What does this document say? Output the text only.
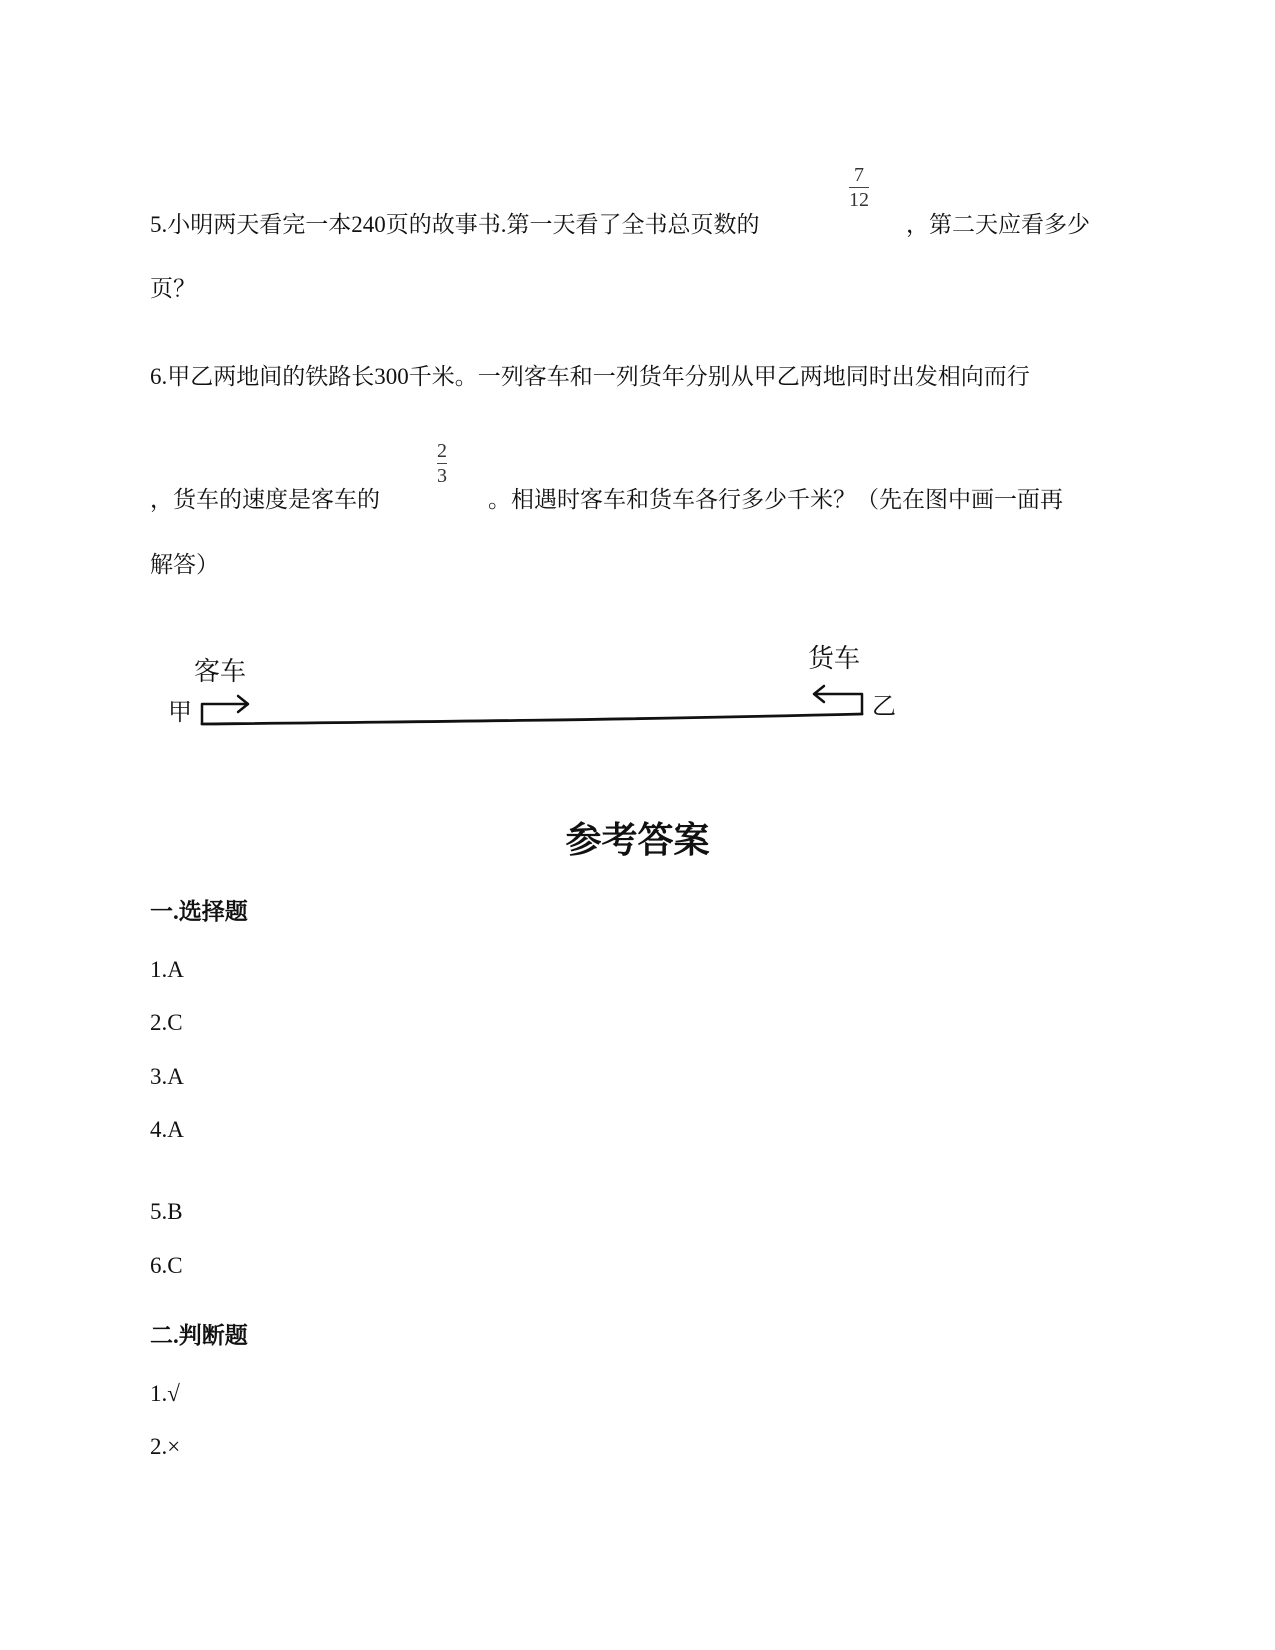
5.小明两天看完一本240页的故事书.第一天看了全书总页数的
7
12
，第二天应看多少
页？
6.甲乙两地间的铁路长300千米。一列客车和一列货年分别从甲乙两地同时出发相向而行
，货车的速度是客车的
2
3
。相遇时客车和货车各行多少千米？（先在图中画一面再
解答）
甲
客车	货车
乙
参考答案
一.选择题
1.A
2.C
3.A
4.A
5.B
6.C
二.判断题
1.√
2.×
